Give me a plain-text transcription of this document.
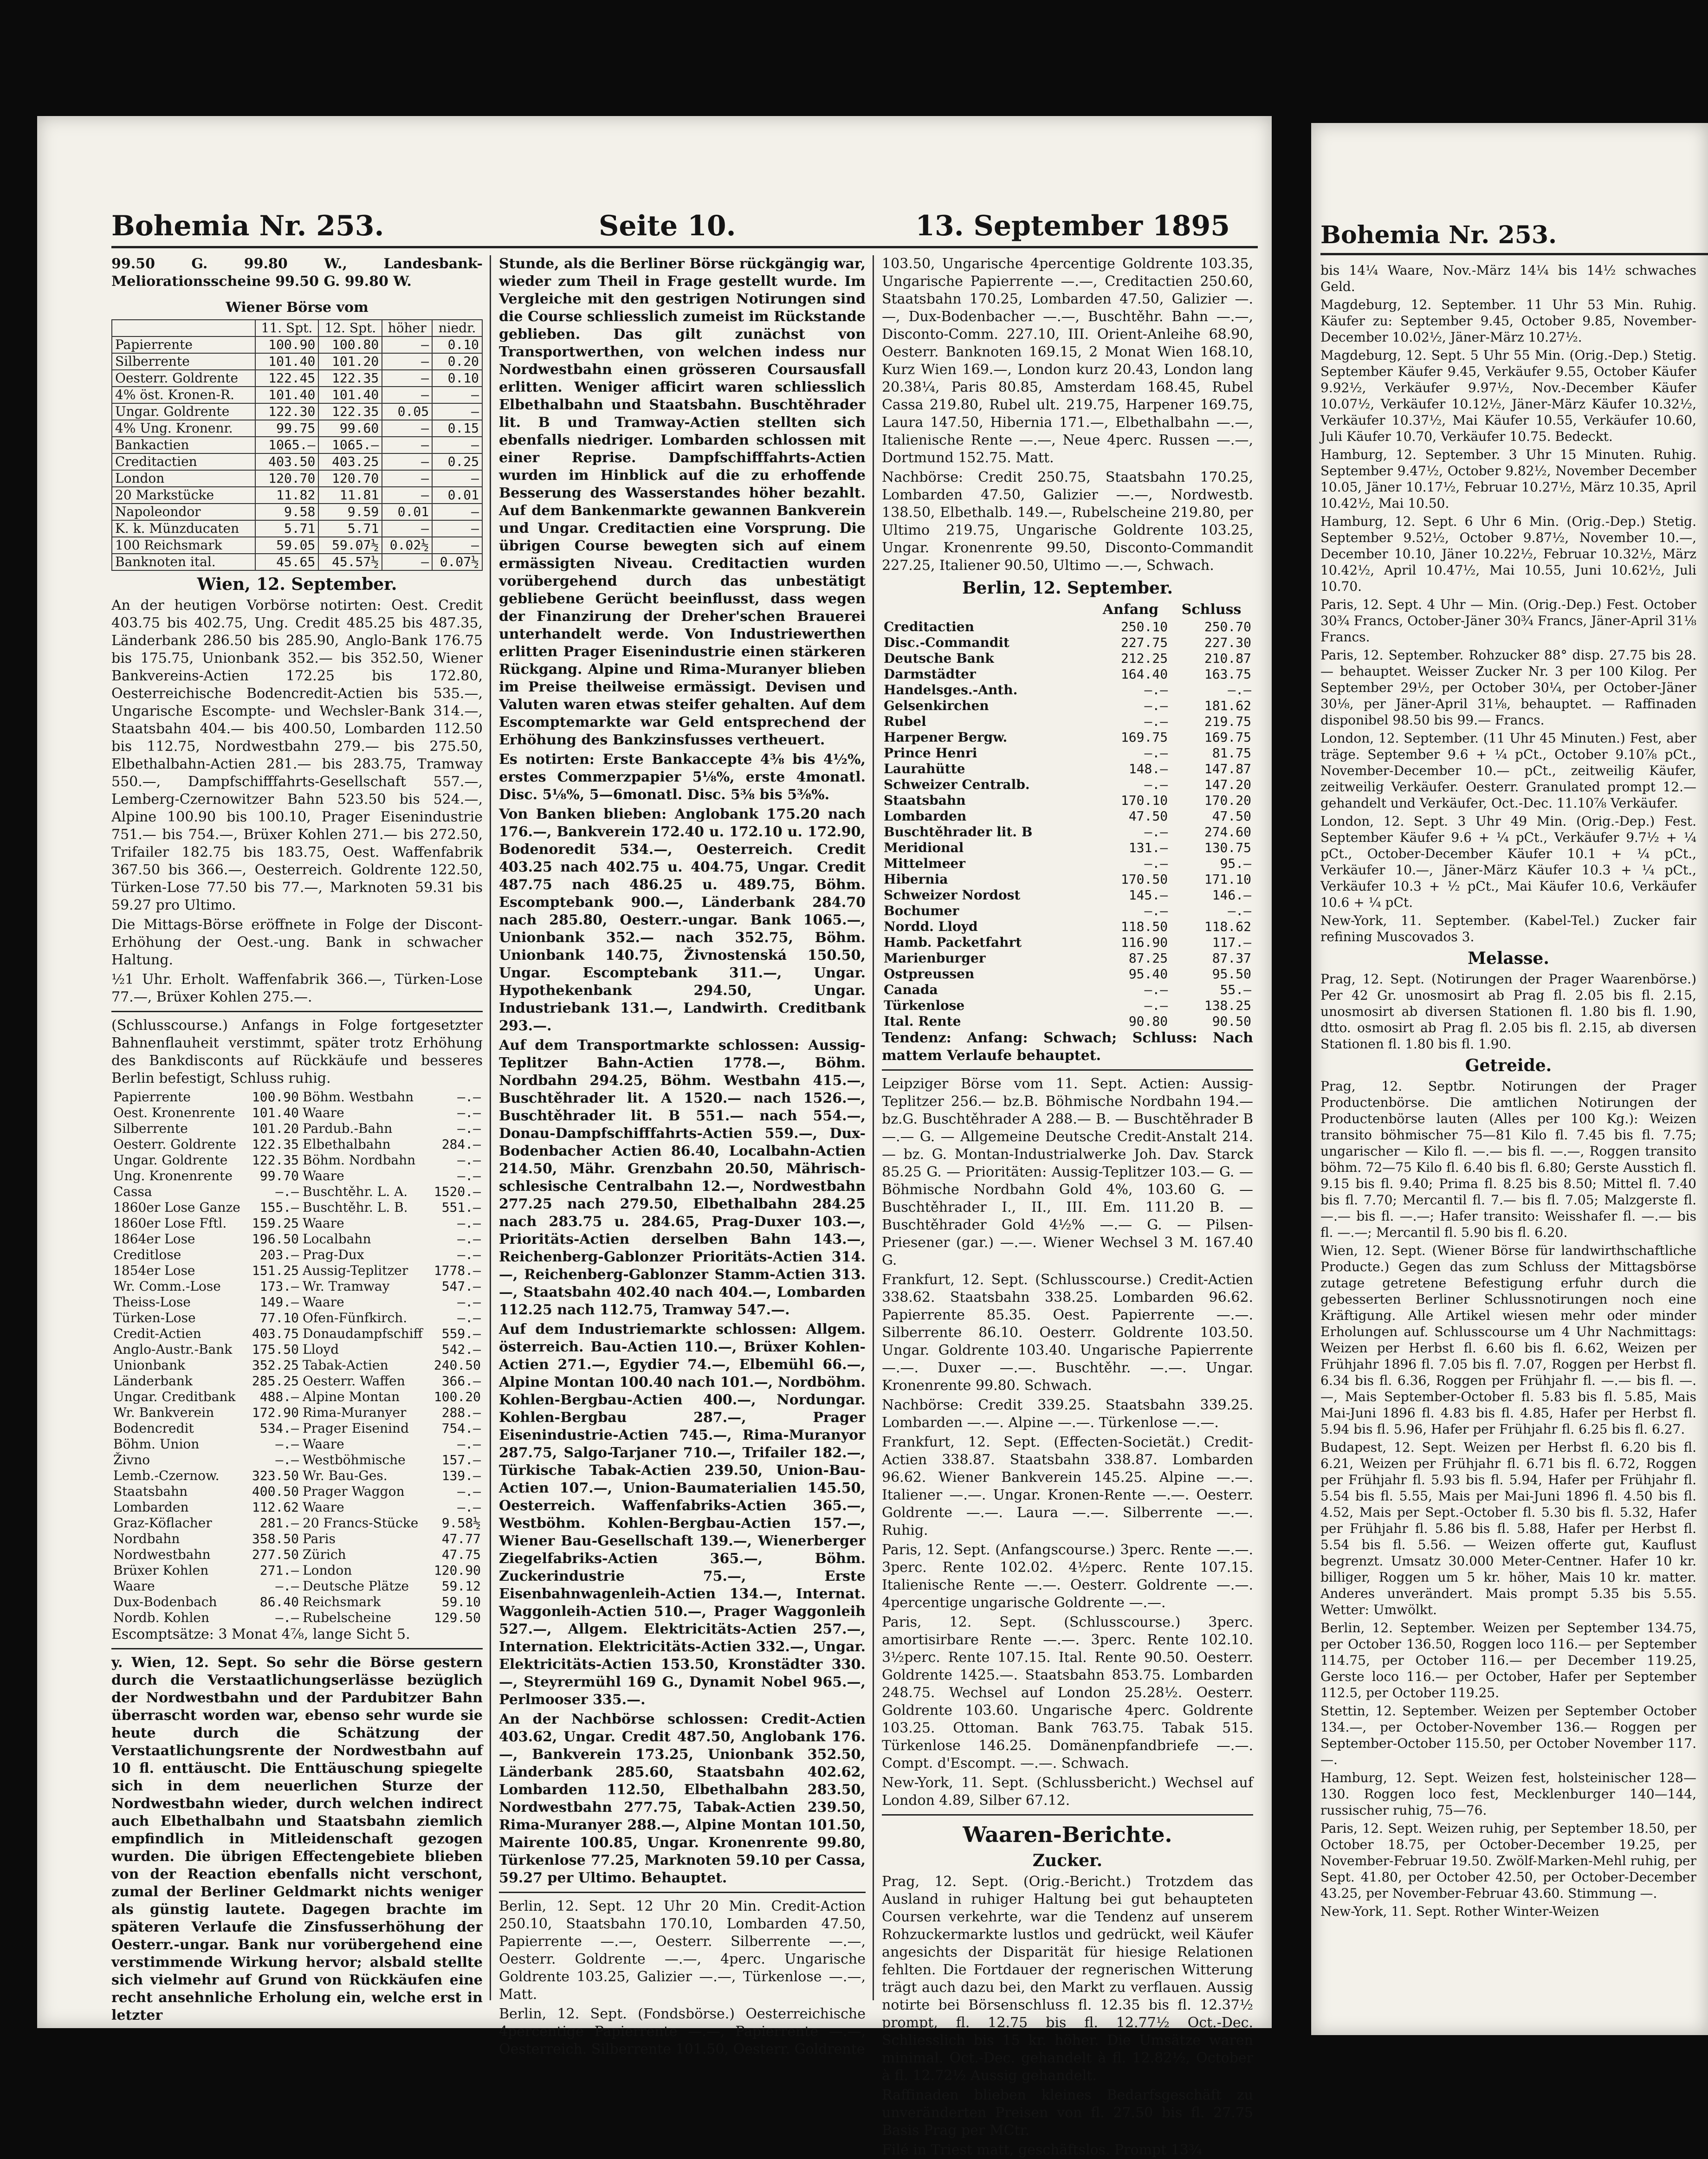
Bohemia Nr. 253.	Seite 10.	13. September 1895

99.50 G. 99.80 W., Landesbank-Meliorationsscheine 99.50 G. 99.80 W.

Wiener Börse vom
	11. Spt.	12. Spt.	höher	niedr.
Papierrente	100.90	100.80	—	0.10
Silberrente	101.40	101.20	—	0.20
Oesterr. Goldrente	122.45	122.35	—	0.10
4% öst. Kronen-R.	101.40	101.40	—	—
Ungar. Goldrente	122.30	122.35	0.05	—
4% Ung. Kronenr.	99.75	99.60	—	0.15
Bankactien	1065.—	1065.—	—	—
Creditactien	403.50	403.25	—	0.25
London	120.70	120.70	—	—
20 Markstücke	11.82	11.81	—	0.01
Napoleondor	9.58	9.59	0.01	—
K. k. Münzducaten	5.71	5.71	—	—
100 Reichsmark	59.05	59.07½	0.02½	—
Banknoten ital.	45.65	45.57½	—	0.07½
Wien, 12. September.

An der heutigen Vorbörse notirten: Oest. Credit 403.75 bis 402.75, Ung. Credit 485.25 bis 487.35, Länderbank 286.50 bis 285.90, Anglo-Bank 176.75 bis 175.75, Unionbank 352.— bis 352.50, Wiener Bankvereins-Actien 172.25 bis 172.80, Oesterreichische Bodencredit-Actien bis 535.—, Ungarische Escompte- und Wechsler-Bank 314.—, Staatsbahn 404.— bis 400.50, Lombarden 112.50 bis 112.75, Nordwestbahn 279.— bis 275.50, Elbethalbahn-Actien 281.— bis 283.75, Tramway 550.—, Dampfschifffahrts-Gesellschaft 557.—, Lemberg-Czernowitzer Bahn 523.50 bis 524.—, Alpine 100.90 bis 100.10, Prager Eisenindustrie 751.— bis 754.—, Brüxer Kohlen 271.— bis 272.50, Trifailer 182.75 bis 183.75, Oest. Waffenfabrik 367.50 bis 366.—, Oesterreich. Goldrente 122.50, Türken-Lose 77.50 bis 77.—, Marknoten 59.31 bis 59.27 pro Ultimo.

Die Mittags-Börse eröffnete in Folge der Discont-Erhöhung der Oest.-ung. Bank in schwacher Haltung.

½1 Uhr. Erholt. Waffenfabrik 366.—, Türken-Lose 77.—, Brüxer Kohlen 275.—.

(Schlusscourse.) Anfangs in Folge fortgesetzter Bahnenflauheit verstimmt, später trotz Erhöhung des Bankdisconts auf Rückkäufe und besseres Berlin befestigt, Schluss ruhig.

Papierrente	100.90	Böhm. Westbahn	—.—
Oest. Kronenrente	101.40	Waare	—.—
Silberrente	101.20	Pardub.-Bahn	—.—
Oesterr. Goldrente	122.35	Elbethalbahn	284.—
Ungar. Goldrente	122.35	Böhm. Nordbahn	—.—
Ung. Kronenrente	99.70	Waare	—.—
Cassa	—.—	Buschtěhr. L. A.	1520.—
1860er Lose Ganze	155.—	Buschtěhr. L. B.	551.—
1860er Lose Fftl.	159.25	Waare	—.—
1864er Lose	196.50	Localbahn	—.—
Creditlose	203.—	Prag-Dux	—.—
1854er Lose	151.25	Aussig-Teplitzer	1778.—
Wr. Comm.-Lose	173.—	Wr. Tramway	547.—
Theiss-Lose	149.—	Waare	—.—
Türken-Lose	77.10	Ofen-Fünfkirch.	—.—
Credit-Actien	403.75	Donaudampfschiff	559.—
Anglo-Austr.-Bank	175.50	Lloyd	542.—
Unionbank	352.25	Tabak-Actien	240.50
Länderbank	285.25	Oesterr. Waffen	366.—
Ungar. Creditbank	488.—	Alpine Montan	100.20
Wr. Bankverein	172.90	Rima-Muranyer	288.—
Bodencredit	534.—	Prager Eisenind	754.—
Böhm. Union	—.—	Waare	—.—
Živno	—.—	Westböhmische	157.—
Lemb.-Czernow.	323.50	Wr. Bau-Ges.	139.—
Staatsbahn	400.50	Prager Waggon	—.—
Lombarden	112.62	Waare	—.—
Graz-Köflacher	281.—	20 Francs-Stücke	9.58½
Nordbahn	358.50	Paris	47.77
Nordwestbahn	277.50	Zürich	47.75
Brüxer Kohlen	271.—	London	120.90
Waare	—.—	Deutsche Plätze	59.12
Dux-Bodenbach	86.40	Reichsmark	59.10
Nordb. Kohlen	—.—	Rubelscheine	129.50

Escomptsätze: 3 Monat 4⅞, lange Sicht 5.

y. Wien, 12. Sept. So sehr die Börse gestern durch die Verstaatlichungserlässe bezüglich der Nordwestbahn und der Pardubitzer Bahn überrascht worden war, ebenso sehr wurde sie heute durch die Schätzung der Verstaatlichungsrente der Nordwestbahn auf 10 fl. enttäuscht. Die Enttäuschung spiegelte sich in dem neuerlichen Sturze der Nordwestbahn wieder, durch welchen indirect auch Elbethalbahn und Staatsbahn ziemlich empfindlich in Mitleidenschaft gezogen wurden. Die übrigen Effectengebiete blieben von der Reaction ebenfalls nicht verschont, zumal der Berliner Geldmarkt nichts weniger als günstig lautete. Dagegen brachte im späteren Verlaufe die Zinsfusserhöhung der Oesterr.-ungar. Bank nur vorübergehend eine verstimmende Wirkung hervor; alsbald stellte sich vielmehr auf Grund von Rückkäufen eine recht ansehnliche Erholung ein, welche erst in letzter

Stunde, als die Berliner Börse rückgängig war, wieder zum Theil in Frage gestellt wurde. Im Vergleiche mit den gestrigen Notirungen sind die Course schliesslich zumeist im Rückstande geblieben. Das gilt zunächst von Transportwerthen, von welchen indess nur Nordwestbahn einen grösseren Coursausfall erlitten. Weniger afficirt waren schliesslich Elbethalbahn und Staatsbahn. Buschtěhrader lit. B und Tramway-Actien stellten sich ebenfalls niedriger. Lombarden schlossen mit einer Reprise. Dampfschifffahrts-Actien wurden im Hinblick auf die zu erhoffende Besserung des Wasserstandes höher bezahlt. Auf dem Bankenmarkte gewannen Bankverein und Ungar. Creditactien eine Vorsprung. Die übrigen Course bewegten sich auf einem ermässigten Niveau. Creditactien wurden vorübergehend durch das unbestätigt gebliebene Gerücht beeinflusst, dass wegen der Finanzirung der Dreher'schen Brauerei unterhandelt werde. Von Industriewerthen erlitten Prager Eisenindustrie einen stärkeren Rückgang. Alpine und Rima-Muranyer blieben im Preise theilweise ermässigt. Devisen und Valuten waren etwas steifer gehalten. Auf dem Escomptemarkte war Geld entsprechend der Erhöhung des Bankzinsfusses vertheuert.

Es notirten: Erste Bankaccepte 4⅜ bis 4½%, erstes Commerzpapier 5⅛%, erste 4monatl. Disc. 5⅛%, 5—6monatl. Disc. 5⅜ bis 5⅜%.

Von Banken blieben: Anglobank 175.20 nach 176.—, Bankverein 172.40 u. 172.10 u. 172.90, Bodenoredit 534.—, Oesterreich. Credit 403.25 nach 402.75 u. 404.75, Ungar. Credit 487.75 nach 486.25 u. 489.75, Böhm. Escomptebank 900.—, Länderbank 284.70 nach 285.80, Oesterr.-ungar. Bank 1065.—, Unionbank 352.— nach 352.75, Böhm. Unionbank 140.75, Živnostenská 150.50, Ungar. Escomptebank 311.—, Ungar. Hypothekenbank 294.50, Ungar. Industriebank 131.—, Landwirth. Creditbank 293.—.

Auf dem Transportmarkte schlossen: Aussig-Teplitzer Bahn-Actien 1778.—, Böhm. Nordbahn 294.25, Böhm. Westbahn 415.—, Buschtěhrader lit. A 1520.— nach 1526.—, Buschtěhrader lit. B 551.— nach 554.—, Donau-Dampfschifffahrts-Actien 559.—, Dux-Bodenbacher Actien 86.40, Localbahn-Actien 214.50, Mähr. Grenzbahn 20.50, Mährisch-schlesische Centralbahn 12.—, Nordwestbahn 277.25 nach 279.50, Elbethalbahn 284.25 nach 283.75 u. 284.65, Prag-Duxer 103.—, Prioritäts-Actien derselben Bahn 143.—, Reichenberg-Gablonzer Prioritäts-Actien 314.—, Reichenberg-Gablonzer Stamm-Actien 313.—, Staatsbahn 402.40 nach 404.—, Lombarden 112.25 nach 112.75, Tramway 547.—.

Auf dem Industriemarkte schlossen: Allgem. österreich. Bau-Actien 110.—, Brüxer Kohlen-Actien 271.—, Egydier 74.—, Elbemühl 66.—, Alpine Montan 100.40 nach 101.—, Nordböhm. Kohlen-Bergbau-Actien 400.—, Nordungar. Kohlen-Bergbau 287.—, Prager Eisenindustrie-Actien 745.—, Rima-Muranyor 287.75, Salgo-Tarjaner 710.—, Trifailer 182.—, Türkische Tabak-Actien 239.50, Union-Bau-Actien 107.—, Union-Baumaterialien 145.50, Oesterreich. Waffenfabriks-Actien 365.—, Westböhm. Kohlen-Bergbau-Actien 157.—, Wiener Bau-Gesellschaft 139.—, Wienerberger Ziegelfabriks-Actien 365.—, Böhm. Zuckerindustrie 75.—, Erste Eisenbahnwagenleih-Actien 134.—, Internat. Waggonleih-Actien 510.—, Prager Waggonleih 527.—, Allgem. Elektricitäts-Actien 257.—, Internation. Elektricitäts-Actien 332.—, Ungar. Elektricitäts-Actien 153.50, Kronstädter 330.—, Steyrermühl 169 G., Dynamit Nobel 965.—, Perlmooser 335.—.

An der Nachbörse schlossen: Credit-Actien 403.62, Ungar. Credit 487.50, Anglobank 176.—, Bankverein 173.25, Unionbank 352.50, Länderbank 285.60, Staatsbahn 402.62, Lombarden 112.50, Elbethalbahn 283.50, Nordwestbahn 277.75, Tabak-Actien 239.50, Rima-Muranyer 288.—, Alpine Montan 101.50, Mairente 100.85, Ungar. Kronenrente 99.80, Türkenlose 77.25, Marknoten 59.10 per Cassa, 59.27 per Ultimo. Behauptet.

Berlin, 12. Sept. 12 Uhr 20 Min. Credit-Action 250.10, Staatsbahn 170.10, Lombarden 47.50, Papierrente —.—, Oesterr. Silberrente —.—, Oesterr. Goldrente —.—, 4perc. Ungarische Goldrente 103.25, Galizier —.—, Türkenlose —.—, Matt.

Berlin, 12. Sept. (Fondsbörse.) Oesterreichische 4percentige Papierrente —.—, Papierrente —.—, Oesterreich. Silberrente 101.50, Oesterr. Goldrente

103.50, Ungarische 4percentige Goldrente 103.35, Ungarische Papierrente —.—, Creditactien 250.60, Staatsbahn 170.25, Lombarden 47.50, Galizier —.—, Dux-Bodenbacher —.—, Buschtěhr. Bahn —.—, Disconto-Comm. 227.10, III. Orient-Anleihe 68.90, Oesterr. Banknoten 169.15, 2 Monat Wien 168.10, Kurz Wien 169.—, London kurz 20.43, London lang 20.38¼, Paris 80.85, Amsterdam 168.45, Rubel Cassa 219.80, Rubel ult. 219.75, Harpener 169.75, Laura 147.50, Hibernia 171.—, Elbethalbahn —.—, Italienische Rente —.—, Neue 4perc. Russen —.—, Dortmund 152.75. Matt.

Nachbörse: Credit 250.75, Staatsbahn 170.25, Lombarden 47.50, Galizier —.—, Nordwestb. 138.50, Elbethalb. 149.—, Rubelscheine 219.80, per Ultimo 219.75, Ungarische Goldrente 103.25, Ungar. Kronenrente 99.50, Disconto-Commandit 227.25, Italiener 90.50, Ultimo —.—, Schwach.

Berlin, 12. September.
	Anfang	Schluss
Creditactien	250.10	250.70
Disc.-Commandit	227.75	227.30
Deutsche Bank	212.25	210.87
Darmstädter	164.40	163.75
Handelsges.-Anth.	—.—	—.—
Gelsenkirchen	—.—	181.62
Rubel	—.—	219.75
Harpener Bergw.	169.75	169.75
Prince Henri	—.—	81.75
Laurahütte	148.—	147.87
Schweizer Centralb.	—.—	147.20
Staatsbahn	170.10	170.20
Lombarden	47.50	47.50
Buschtěhrader lit. B	—.—	274.60
Meridional	131.—	130.75
Mittelmeer	—.—	95.—
Hibernia	170.50	171.10
Schweizer Nordost	145.—	146.—
Bochumer	—.—	—.—
Nordd. Lloyd	118.50	118.62
Hamb. Packetfahrt	116.90	117.—
Marienburger	87.25	87.37
Ostpreussen	95.40	95.50
Canada	—.—	55.—
Türkenlose	—.—	138.25
Ital. Rente	90.80	90.50

Tendenz: Anfang: Schwach; Schluss: Nach mattem Verlaufe behauptet.

Leipziger Börse vom 11. Sept. Actien: Aussig-Teplitzer 256.— bz.B. Böhmische Nordbahn 194.— bz.G. Buschtěhrader A 288.— B. — Buschtěhrader B —.— G. — Allgemeine Deutsche Credit-Anstalt 214.— bz. G. Montan-Industrialwerke Joh. Dav. Starck 85.25 G. — Prioritäten: Aussig-Teplitzer 103.— G. — Böhmische Nordbahn Gold 4%, 103.60 G. — Buschtěhrader I., II., III. Em. 111.20 B. — Buschtěhrader Gold 4½% —.— G. — Pilsen-Priesener (gar.) —.—. Wiener Wechsel 3 M. 167.40 G.

Frankfurt, 12. Sept. (Schlusscourse.) Credit-Actien 338.62. Staatsbahn 338.25. Lombarden 96.62. Papierrente 85.35. Oest. Papierrente —.—. Silberrente 86.10. Oesterr. Goldrente 103.50. Ungar. Goldrente 103.40. Ungarische Papierrente —.—. Duxer —.—. Buschtěhr. —.—. Ungar. Kronenrente 99.80. Schwach.

Nachbörse: Credit 339.25. Staatsbahn 339.25. Lombarden —.—. Alpine —.—. Türkenlose —.—.

Frankfurt, 12. Sept. (Effecten-Societät.) Credit-Actien 338.87. Staatsbahn 338.87. Lombarden 96.62. Wiener Bankverein 145.25. Alpine —.—. Italiener —.—. Ungar. Kronen-Rente —.—. Oesterr. Goldrente —.—. Laura —.—. Silberrente —.—. Ruhig.

Paris, 12. Sept. (Anfangscourse.) 3perc. Rente —.—. 3perc. Rente 102.02. 4½perc. Rente 107.15. Italienische Rente —.—. Oesterr. Goldrente —.—. 4percentige ungarische Goldrente —.—.

Paris, 12. Sept. (Schlusscourse.) 3perc. amortisirbare Rente —.—. 3perc. Rente 102.10. 3½perc. Rente 107.15. Ital. Rente 90.50. Oesterr. Goldrente 1425.—. Staatsbahn 853.75. Lombarden 248.75. Wechsel auf London 25.28½. Oesterr. Goldrente 103.60. Ungarische 4perc. Goldrente 103.25. Ottoman. Bank 763.75. Tabak 515. Türkenlose 146.25. Domänenpfandbriefe —.—. Compt. d'Escompt. —.—. Schwach.

New-York, 11. Sept. (Schlussbericht.) Wechsel auf London 4.89, Silber 67.12.

Waaren-Berichte.
Zucker.

Prag, 12. Sept. (Orig.-Bericht.) Trotzdem das Ausland in ruhiger Haltung bei gut behaupteten Coursen verkehrte, war die Tendenz auf unserem Rohzuckermarkte lustlos und gedrückt, weil Käufer angesichts der Disparität für hiesige Relationen fehlten. Die Fortdauer der regnerischen Witterung trägt auch dazu bei, den Markt zu verflauen. Aussig notirte bei Börsenschluss fl. 12.35 bis fl. 12.37½ prompt, fl. 12.75 bis fl. 12.77½ Oct.-Dec. Schliesslich bis 15 kr. höher. Die Umsätze waren minimal. Oct.-Dec. gehandelt à fl. 12.82½, October à fl. 12.72½ Aussig gehandelt.

Raffinaden blieben kleines Bedarfsgeschäft zu unveränderten Preisen von fl. 27.50 bis fl. 27.75 Basis Prag per MCtr.

Filé in Triest matt, geschäftslos. Prompt 13¾

Bohemia Nr. 253.

bis 14¼ Waare, Nov.-März 14¼ bis 14½ schwaches Geld.

Magdeburg, 12. September. 11 Uhr 53 Min. Ruhig. Käufer zu: September 9.45, October 9.85, November-December 10.02½, Jäner-März 10.27½.

Magdeburg, 12. Sept. 5 Uhr 55 Min. (Orig.-Dep.) Stetig. September Käufer 9.45, Verkäufer 9.55, October Käufer 9.92½, Verkäufer 9.97½, Nov.-December Käufer 10.07½, Verkäufer 10.12½, Jäner-März Käufer 10.32½, Verkäufer 10.37½, Mai Käufer 10.55, Verkäufer 10.60, Juli Käufer 10.70, Verkäufer 10.75. Bedeckt.

Hamburg, 12. September. 3 Uhr 15 Minuten. Ruhig. September 9.47½, October 9.82½, November December 10.05, Jäner 10.17½, Februar 10.27½, März 10.35, April 10.42½, Mai 10.50.

Hamburg, 12. Sept. 6 Uhr 6 Min. (Orig.-Dep.) Stetig. September 9.52½, October 9.87½, November 10.—, December 10.10, Jäner 10.22½, Februar 10.32½, März 10.42½, April 10.47½, Mai 10.55, Juni 10.62½, Juli 10.70.

Paris, 12. Sept. 4 Uhr — Min. (Orig.-Dep.) Fest. October 30¾ Francs, October-Jäner 30¾ Francs, Jäner-April 31⅛ Francs.

Paris, 12. September. Rohzucker 88° disp. 27.75 bis 28.— behauptet. Weisser Zucker Nr. 3 per 100 Kilog. Per September 29½, per October 30¼, per October-Jäner 30⅛, per Jäner-April 31⅛, behauptet. — Raffinaden disponibel 98.50 bis 99.— Francs.

London, 12. September. (11 Uhr 45 Minuten.) Fest, aber träge. September 9.6 + ¼ pCt., October 9.10⅞ pCt., November-December 10.— pCt., zeitweilig Käufer, zeitweilig Verkäufer. Oesterr. Granulated prompt 12.— gehandelt und Verkäufer, Oct.-Dec. 11.10⅞ Verkäufer.

London, 12. Sept. 3 Uhr 49 Min. (Orig.-Dep.) Fest. September Käufer 9.6 + ¼ pCt., Verkäufer 9.7½ + ¼ pCt., October-December Käufer 10.1 + ¼ pCt., Verkäufer 10.—, Jäner-März Käufer 10.3 + ¼ pCt., Verkäufer 10.3 + ½ pCt., Mai Käufer 10.6, Verkäufer 10.6 + ¼ pCt.

New-York, 11. September. (Kabel-Tel.) Zucker fair refining Muscovados 3.

Melasse.

Prag, 12. Sept. (Notirungen der Prager Waarenbörse.) Per 42 Gr. unosmosirt ab Prag fl. 2.05 bis fl. 2.15, unosmosirt ab diversen Stationen fl. 1.80 bis fl. 1.90, dtto. osmosirt ab Prag fl. 2.05 bis fl. 2.15, ab diversen Stationen fl. 1.80 bis fl. 1.90.

Getreide.

Prag, 12. Septbr. Notirungen der Prager Productenbörse. Die amtlichen Notirungen der Productenbörse lauten (Alles per 100 Kg.): Weizen transito böhmischer 75—81 Kilo fl. 7.45 bis fl. 7.75; ungarischer — Kilo fl. —.— bis fl. —.—, Roggen transito böhm. 72—75 Kilo fl. 6.40 bis fl. 6.80; Gerste Ausstich fl. 9.15 bis fl. 9.40; Prima fl. 8.25 bis 8.50; Mittel fl. 7.40 bis fl. 7.70; Mercantil fl. 7.— bis fl. 7.05; Malzgerste fl. —.— bis fl. —.—; Hafer transito: Weisshafer fl. —.— bis fl. —.—; Mercantil fl. 5.90 bis fl. 6.20.

Wien, 12. Sept. (Wiener Börse für landwirthschaftliche Producte.) Gegen das zum Schluss der Mittagsbörse zutage getretene Befestigung erfuhr durch die gebesserten Berliner Schlussnotirungen noch eine Kräftigung. Alle Artikel wiesen mehr oder minder Erholungen auf. Schlusscourse um 4 Uhr Nachmittags: Weizen per Herbst fl. 6.60 bis fl. 6.62, Weizen per Frühjahr 1896 fl. 7.05 bis fl. 7.07, Roggen per Herbst fl. 6.34 bis fl. 6.36, Roggen per Frühjahr fl. —.— bis fl. —.—, Mais September-October fl. 5.83 bis fl. 5.85, Mais Mai-Juni 1896 fl. 4.83 bis fl. 4.85, Hafer per Herbst fl. 5.94 bis fl. 5.96, Hafer per Frühjahr fl. 6.25 bis fl. 6.27.

Budapest, 12. Sept. Weizen per Herbst fl. 6.20 bis fl. 6.21, Weizen per Frühjahr fl. 6.71 bis fl. 6.72, Roggen per Frühjahr fl. 5.93 bis fl. 5.94, Hafer per Frühjahr fl. 5.54 bis fl. 5.55, Mais per Mai-Juni 1896 fl. 4.50 bis fl. 4.52, Mais per Sept.-October fl. 5.30 bis fl. 5.32, Hafer per Frühjahr fl. 5.86 bis fl. 5.88, Hafer per Herbst fl. 5.54 bis fl. 5.56. — Weizen offerte gut, Kauflust begrenzt. Umsatz 30.000 Meter-Centner. Hafer 10 kr. billiger, Roggen um 5 kr. höher, Mais 10 kr. matter. Anderes unverändert. Mais prompt 5.35 bis 5.55. Wetter: Umwölkt.

Berlin, 12. September. Weizen per September 134.75, per October 136.50, Roggen loco 116.— per September 114.75, per October 116.— per December 119.25, Gerste loco 116.— per October, Hafer per September 112.5, per October 119.25.

Stettin, 12. September. Weizen per September October 134.—, per October-November 136.— Roggen per September-October 115.50, per October November 117.—.

Hamburg, 12. Sept. Weizen fest, holsteinischer 128—130. Roggen loco fest, Mecklenburger 140—144, russischer ruhig, 75—76.

Paris, 12. Sept. Weizen ruhig, per September 18.50, per October 18.75, per October-December 19.25, per November-Februar 19.50. Zwölf-Marken-Mehl ruhig, per Sept. 41.80, per October 42.50, per October-December 43.25, per November-Februar 43.60. Stimmung —.

New-York, 11. Sept. Rother Winter-Weizen
